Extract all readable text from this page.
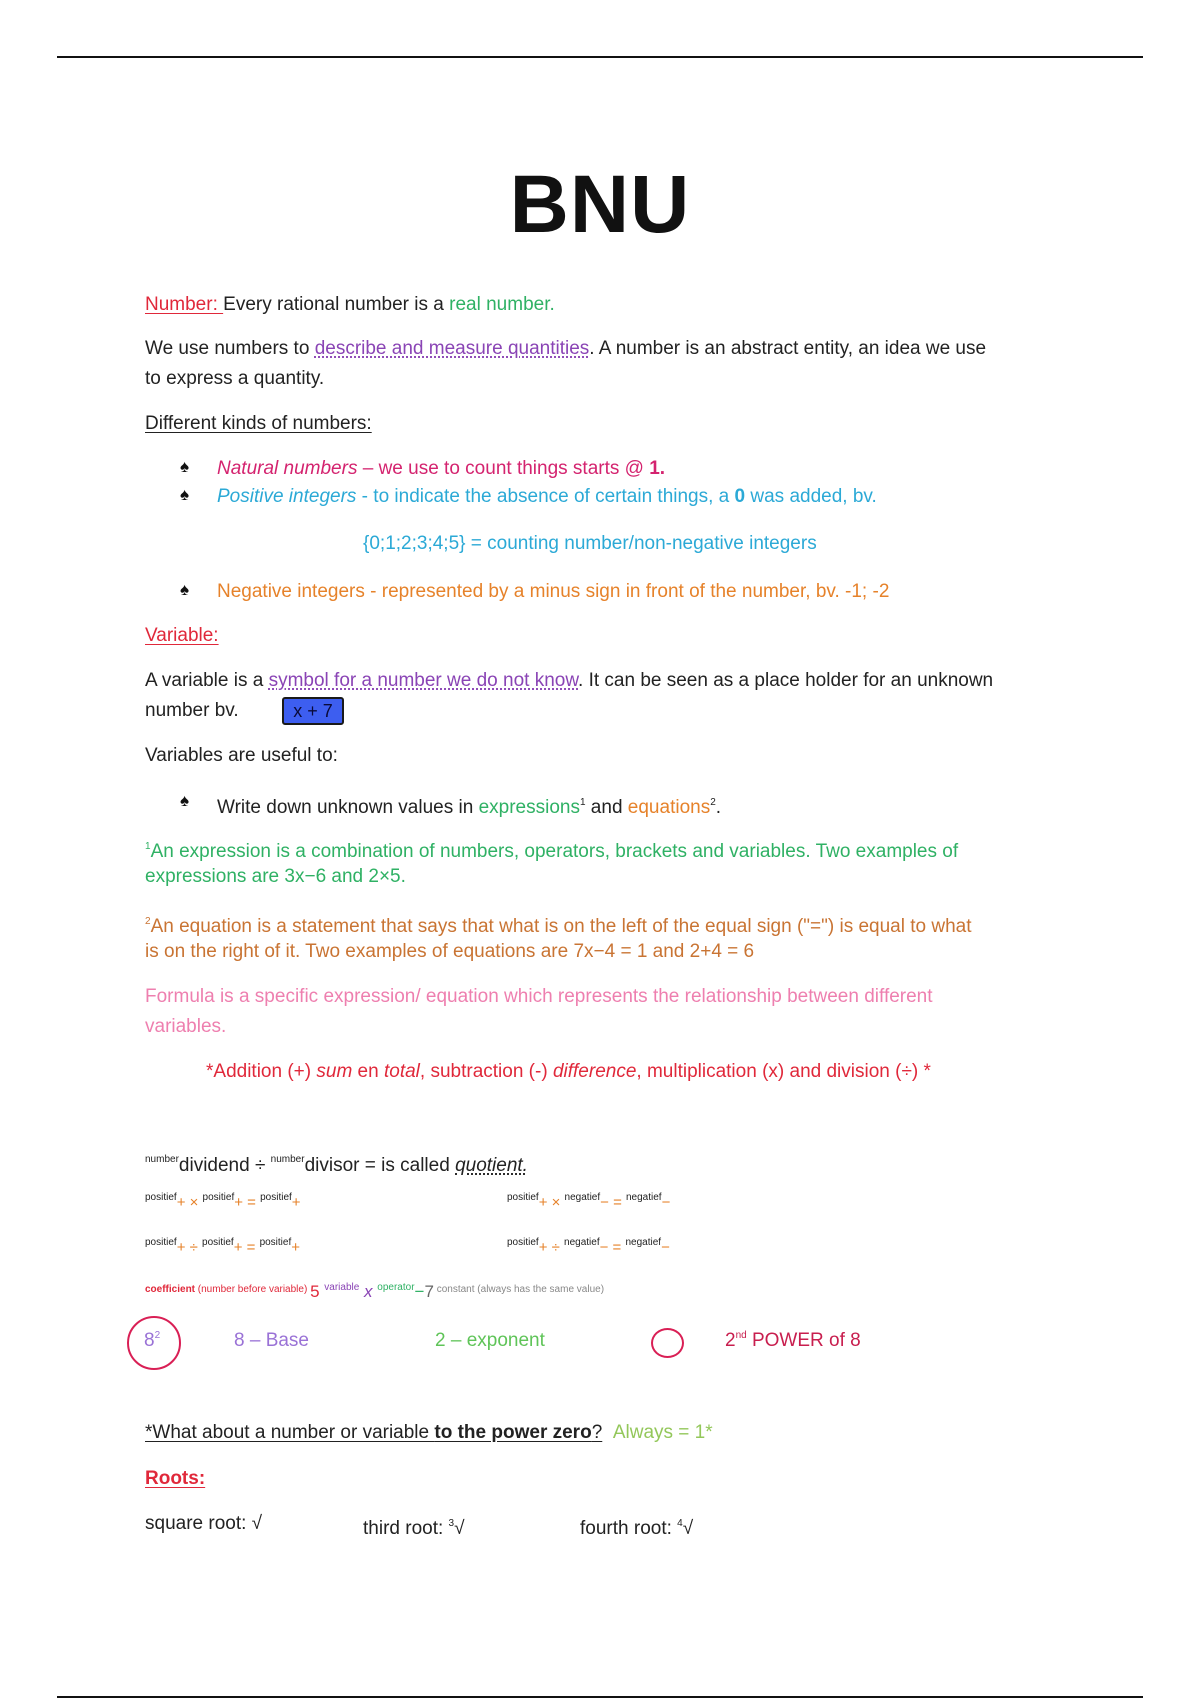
BNU
Number: Every rational number is a real number.
We use numbers to describe and measure quantities. A number is an abstract entity, an idea we use
to express a quantity.
Different kinds of numbers:
♠ Natural numbers – we use to count things starts @ 1.
♠ Positive integers - to indicate the absence of certain things, a 0 was added, bv.
{0;1;2;3;4;5} = counting number/non-negative integers
♠ Negative integers - represented by a minus sign in front of the number, bv. -1; -2
Variable:
A variable is a symbol for a number we do not know. It can be seen as a place holder for an unknown
number bv.	x + 7
Variables are useful to:
♠ Write down unknown values in expressions$^1$ and equations$^2$.
$^1$An expression is a combination of numbers, operators, brackets and variables. Two examples of
expressions are 3x−6 and 2×5.
$^2$An equation is a statement that says that what is on the left of the equal sign ("=") is equal to what
is on the right of it. Two examples of equations are 7x−4 = 1 and 2+4 = 6
Formula is a specific expression/ equation which represents the relationship between different
variables.
*Addition (+) sum en total, subtraction (-) difference, multiplication (x) and division (÷) *
$^{number}$dividend ÷ $^{number}$divisor = is called quotient.
$^{positief}$+ × $^{positief}$+ = $^{positief}$+	$^{positief}$+ × $^{negatief}$− = $^{negatief}$−
$^{positief}$+ ÷ $^{positief}$+ = $^{positief}$+	$^{positief}$+ ÷ $^{negatief}$− = $^{negatief}$−
$^{coefficient}$ $^{(number before variable)}$ 5 $^{variable}$ x $^{operator}$−7 $^{constant (always has the same value)}$
$8^2$	8 – Base	2 – exponent	2nd POWER of 8
*What about a number or variable to the power zero? Always = 1*
Roots:
square root: √	third root: $^3$√	fourth root: $^4$√
